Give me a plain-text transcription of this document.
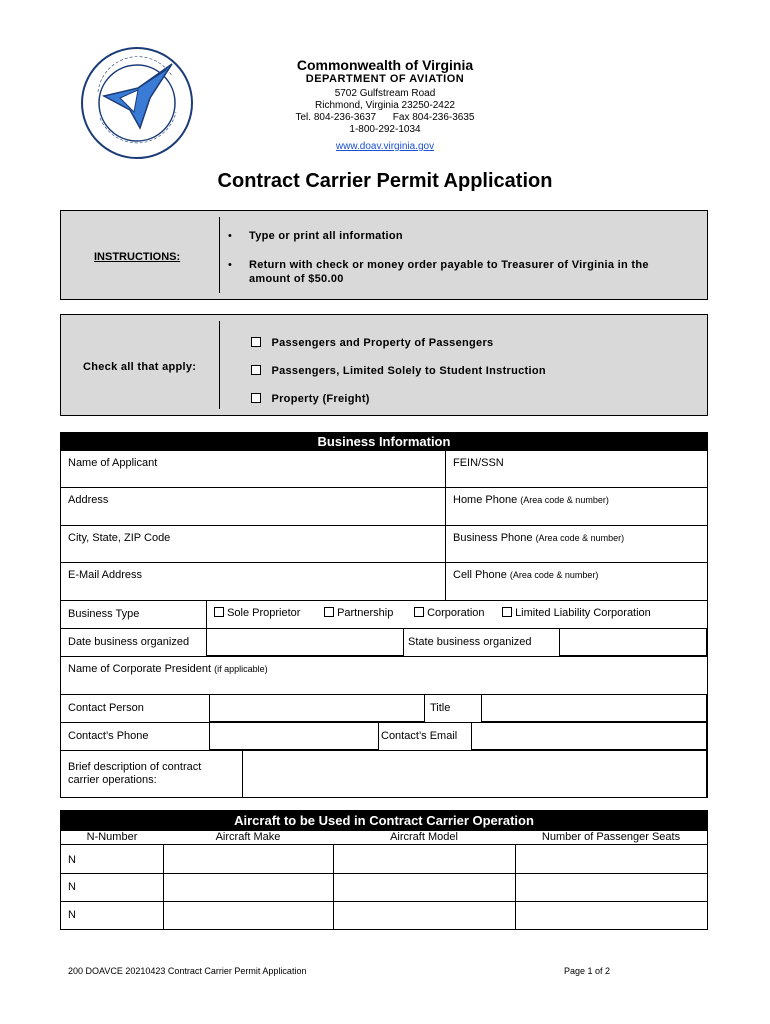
Commonwealth of Virginia
DEPARTMENT OF AVIATION
5702 Gulfstream Road
Richmond, Virginia 23250-2422
Tel. 804-236-3637      Fax 804-236-3635
1-800-292-1034
www.doav.virginia.gov
Contract Carrier Permit Application
INSTRUCTIONS:
• Type or print all information
• Return with check or money order payable to Treasurer of Virginia in the
amount of $50.00
Check all that apply:
Passengers and Property of Passengers
Passengers, Limited Solely to Student Instruction
Property (Freight)
Business Information
Name of Applicant	FEIN/SSN
Address	Home Phone (Area code & number)
City, State, ZIP Code	Business Phone (Area code & number)
E-Mail Address	Cell Phone (Area code & number)
Business Type	Sole Proprietor	Partnership	Corporation	Limited Liability Corporation
Date business organized	State business organized
Name of Corporate President (if applicable)
Contact Person	Title
Contact’s Phone	Contact’s Email
Brief description of contract
carrier operations:
Aircraft to be Used in Contract Carrier Operation
N-Number	Aircraft Make	Aircraft Model	Number of Passenger Seats
N
N
N
200 DOAVCE 20210423 Contract Carrier Permit Application	Page 1 of 2
